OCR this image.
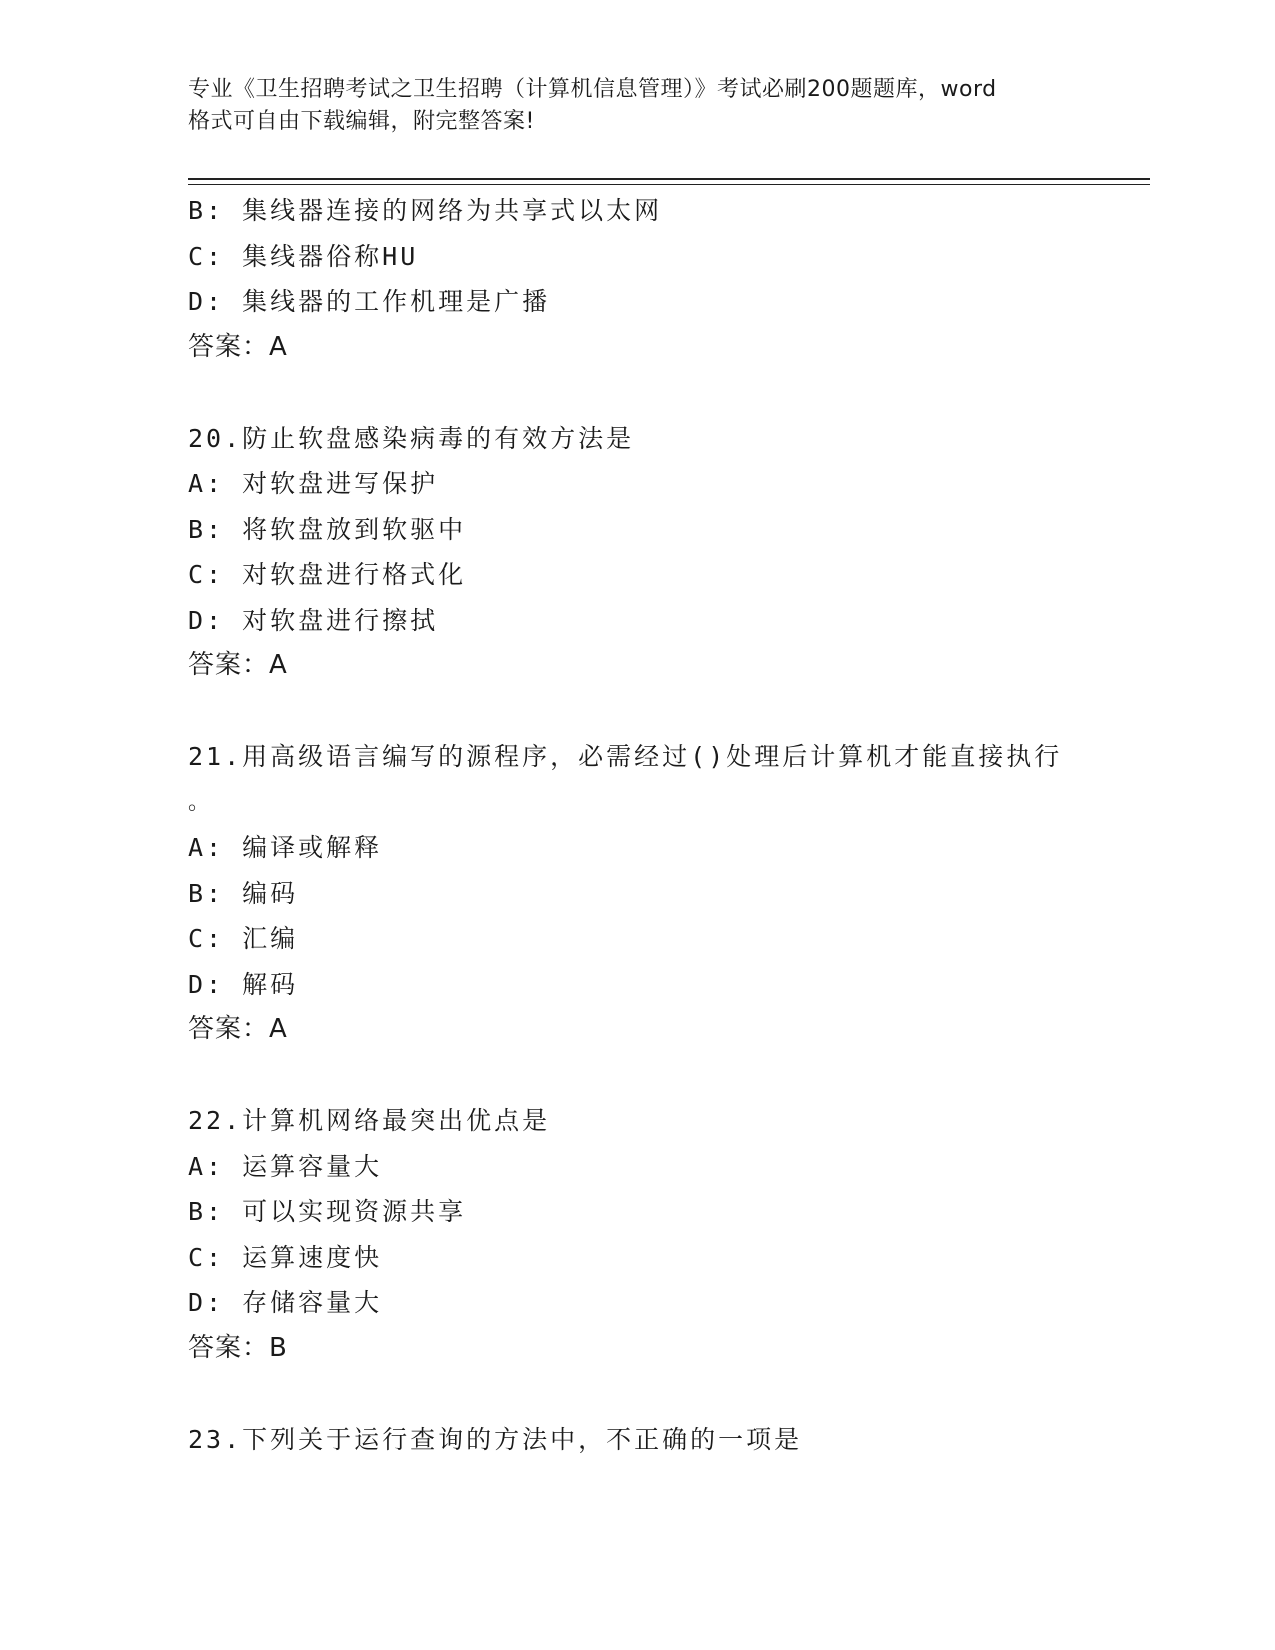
专业《卫生招聘考试之卫生招聘（计算机信息管理）》考试必刷200题题库，word
格式可自由下载编辑，附完整答案!
B: 集线器连接的网络为共享式以太网
C: 集线器俗称HU
D: 集线器的工作机理是广播
答案：A
20.防止软盘感染病毒的有效方法是
A: 对软盘进写保护
B: 将软盘放到软驱中
C: 对软盘进行格式化
D: 对软盘进行擦拭
答案：A
21.用高级语言编写的源程序，必需经过()处理后计算机才能直接执行
。
A: 编译或解释
B: 编码
C: 汇编
D: 解码
答案：A
22.计算机网络最突出优点是
A: 运算容量大
B: 可以实现资源共享
C: 运算速度快
D: 存储容量大
答案：B
23.下列关于运行查询的方法中，不正确的一项是
